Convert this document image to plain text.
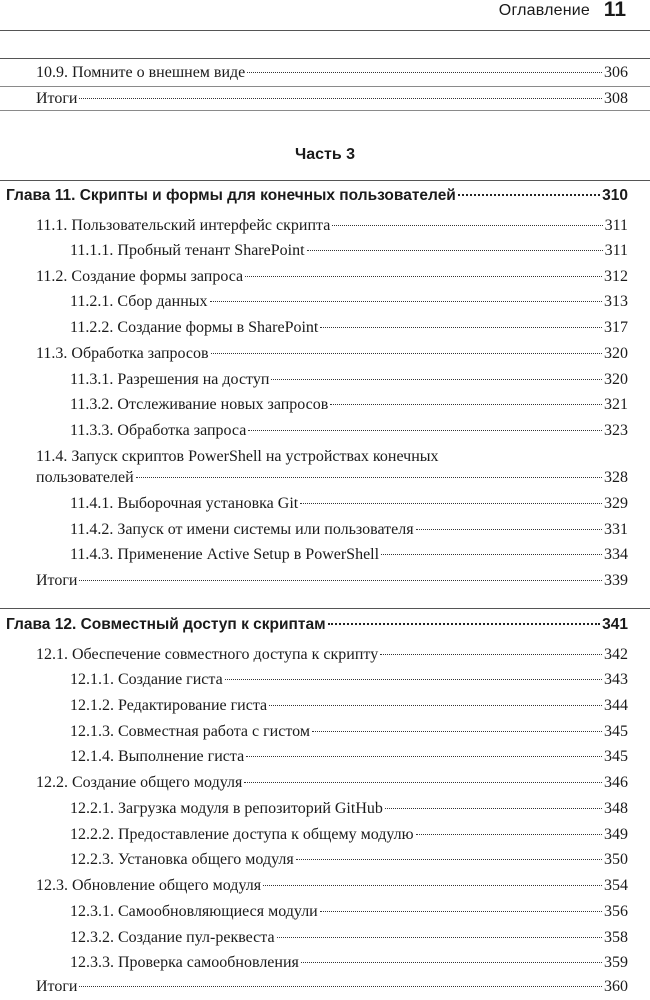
Оглавление 11
10.9. Помните о внешнем виде	306
Итоги	308
Часть 3
Глава 11. Скрипты и формы для конечных пользователей	310
11.1. Пользовательский интерфейс скрипта	311
11.1.1. Пробный тенант SharePoint	311
11.2. Создание формы запроса	312
11.2.1. Сбор данных	313
11.2.2. Создание формы в SharePoint	317
11.3. Обработка запросов	320
11.3.1. Разрешения на доступ	320
11.3.2. Отслеживание новых запросов	321
11.3.3. Обработка запроса	323
11.4. Запуск скриптов PowerShell на устройствах конечных
пользователей	328
11.4.1. Выборочная установка Git	329
11.4.2. Запуск от имени системы или пользователя	331
11.4.3. Применение Active Setup в PowerShell	334
Итоги	339
Глава 12. Совместный доступ к скриптам	341
12.1. Обеспечение совместного доступа к скрипту	342
12.1.1. Создание гиста	343
12.1.2. Редактирование гиста	344
12.1.3. Совместная работа с гистом	345
12.1.4. Выполнение гиста	345
12.2. Создание общего модуля	346
12.2.1. Загрузка модуля в репозиторий GitHub	348
12.2.2. Предоставление доступа к общему модулю	349
12.2.3. Установка общего модуля	350
12.3. Обновление общего модуля	354
12.3.1. Самообновляющиеся модули	356
12.3.2. Создание пул-реквеста	358
12.3.3. Проверка самообновления	359
Итоги	360
